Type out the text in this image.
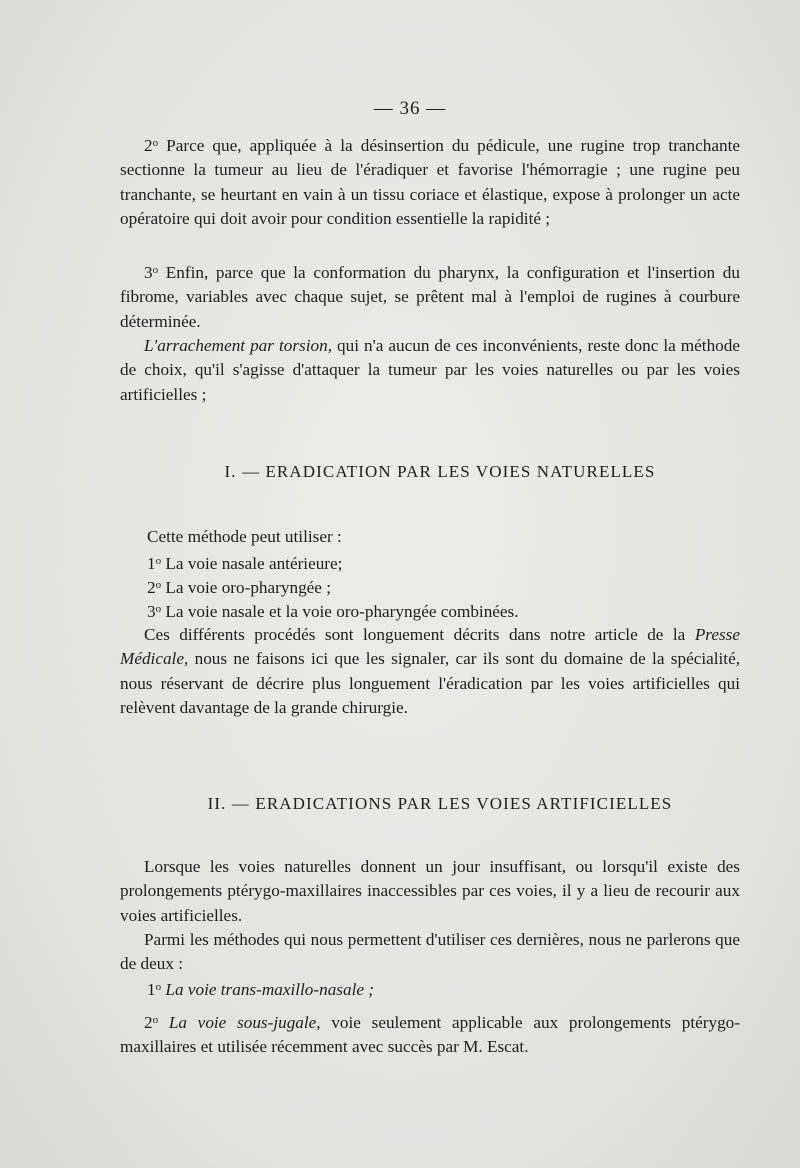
— 36 —

2$^o$ Parce que, appliquée à la désinsertion du pédicule, une rugine trop tranchante sectionne la tumeur au lieu de l'éradiquer et favorise l'hémorragie ; une rugine peu tranchante, se heurtant en vain à un tissu coriace et élastique, expose à prolonger un acte opératoire qui doit avoir pour condition essentielle la rapidité ;

3$^o$ Enfin, parce que la conformation du pharynx, la configuration et l'insertion du fibrome, variables avec chaque sujet, se prêtent mal à l'emploi de rugines à courbure déterminée.

L'arrachement par torsion, qui n'a aucun de ces inconvénients, reste donc la méthode de choix, qu'il s'agisse d'attaquer la tumeur par les voies naturelles ou par les voies artificielles ;

I. — ERADICATION PAR LES VOIES NATURELLES
Cette méthode peut utiliser :
1$^o$ La voie nasale antérieure;
2$^o$ La voie oro-pharyngée ;
3$^o$ La voie nasale et la voie oro-pharyngée combinées.

Ces différents procédés sont longuement décrits dans notre article de la Presse Médicale, nous ne faisons ici que les signaler, car ils sont du domaine de la spécialité, nous réservant de décrire plus longuement l'éradication par les voies artificielles qui relèvent davantage de la grande chirurgie.

II. — ERADICATIONS PAR LES VOIES ARTIFICIELLES

Lorsque les voies naturelles donnent un jour insuffisant, ou lorsqu'il existe des prolongements ptérygo-maxillaires inaccessibles par ces voies, il y a lieu de recourir aux voies artificielles.

Parmi les méthodes qui nous permettent d'utiliser ces dernières, nous ne parlerons que de deux :

1$^o$ La voie trans-maxillo-nasale ;

2$^o$ La voie sous-jugale, voie seulement applicable aux prolongements ptérygo-maxillaires et utilisée récemment avec succès par M. Escat.
